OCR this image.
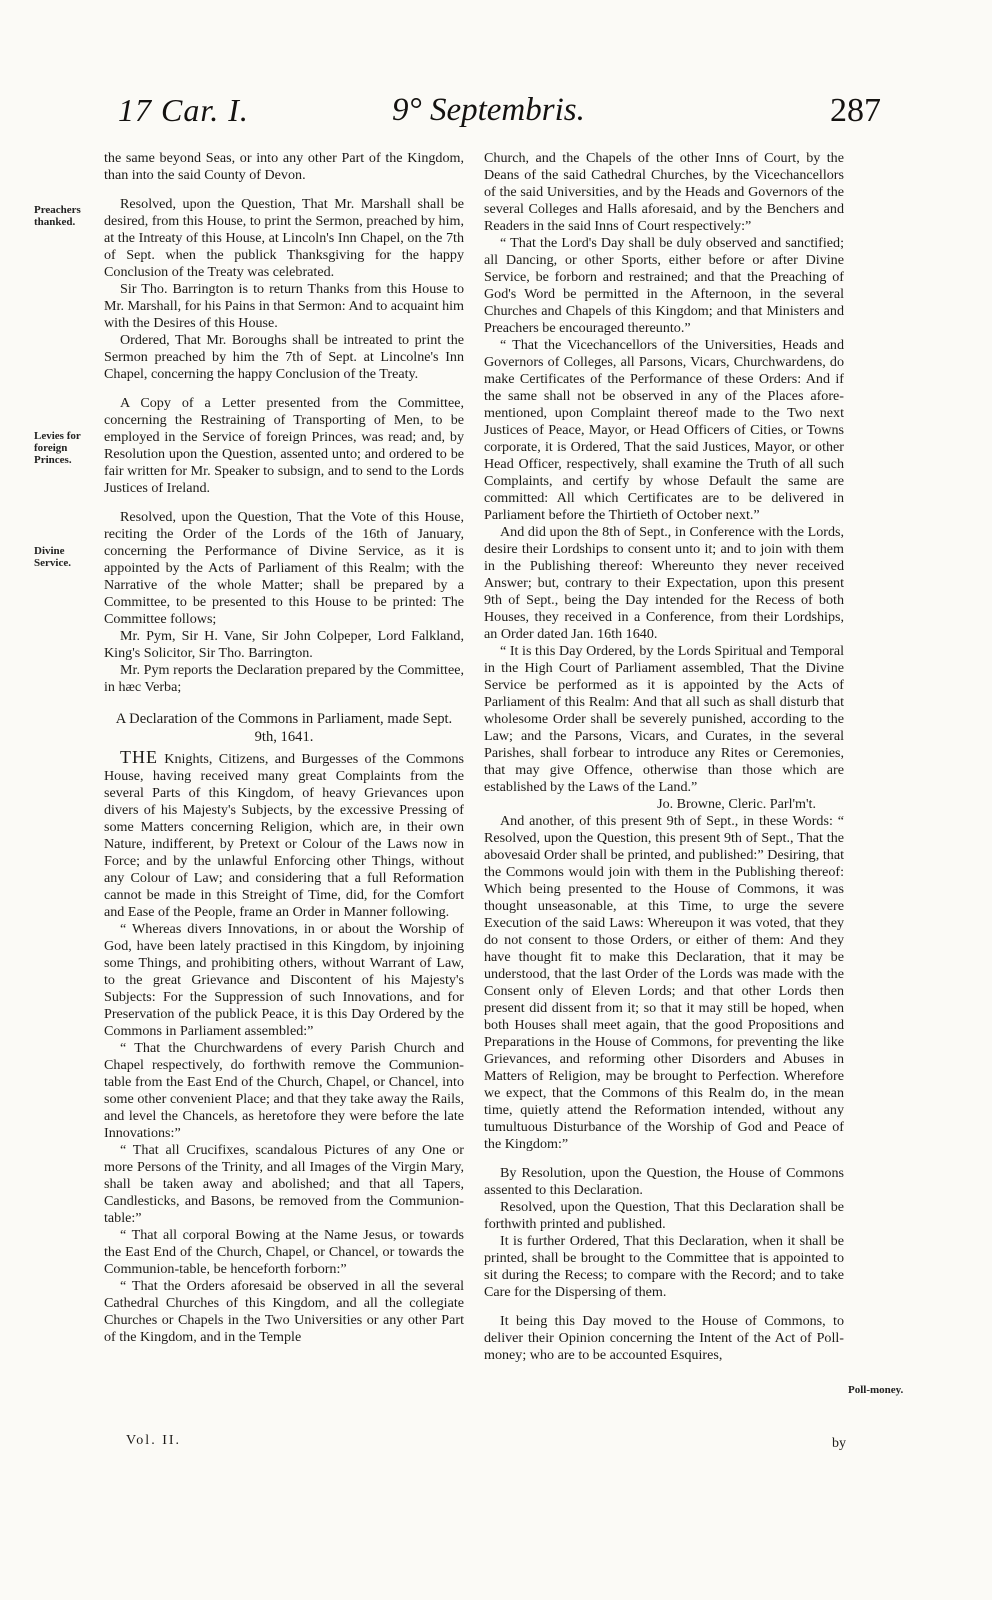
17 Car. I.	9° Septembris.	287
Preachers thanked.
Levies for foreign Princes.
Divine Service.
Poll-money.

the same beyond Seas, or into any other Part of the Kingdom, than into the said County of Devon.

Resolved, upon the Question, That Mr. Marshall shall be desired, from this House, to print the Sermon, preached by him, at the Intreaty of this House, at Lincoln's Inn Chapel, on the 7th of Sept. when the publick Thanksgiving for the happy Conclusion of the Treaty was celebrated.

Sir Tho. Barrington is to return Thanks from this House to Mr. Marshall, for his Pains in that Sermon: And to acquaint him with the Desires of this House.

Ordered, That Mr. Boroughs shall be intreated to print the Sermon preached by him the 7th of Sept. at Lincolne's Inn Chapel, concerning the happy Conclusion of the Treaty.

A Copy of a Letter presented from the Committee, concerning the Restraining of Transporting of Men, to be employed in the Service of foreign Princes, was read; and, by Resolution upon the Question, assented unto; and ordered to be fair written for Mr. Speaker to subsign, and to send to the Lords Justices of Ireland.

Resolved, upon the Question, That the Vote of this House, reciting the Order of the Lords of the 16th of January, concerning the Performance of Divine Service, as it is appointed by the Acts of Parliament of this Realm; with the Narrative of the whole Matter; shall be prepared by a Committee, to be presented to this House to be printed: The Committee follows;

Mr. Pym, Sir H. Vane, Sir John Colpeper, Lord Falkland, King's Solicitor, Sir Tho. Barrington.

Mr. Pym reports the Declaration prepared by the Committee, in hæc Verba;

A Declaration of the Commons in Parliament, made Sept. 9th, 1641.

THE Knights, Citizens, and Burgesses of the Commons House, having received many great Complaints from the several Parts of this Kingdom, of heavy Grievances upon divers of his Majesty's Subjects, by the excessive Pressing of some Matters concerning Religion, which are, in their own Nature, indifferent, by Pretext or Colour of the Laws now in Force; and by the unlawful Enforcing other Things, without any Colour of Law; and considering that a full Reformation cannot be made in this Streight of Time, did, for the Comfort and Ease of the People, frame an Order in Manner following.

“ Whereas divers Innovations, in or about the Worship of God, have been lately practised in this Kingdom, by injoining some Things, and prohibiting others, without Warrant of Law, to the great Grievance and Discontent of his Majesty's Subjects: For the Suppression of such Innovations, and for Preservation of the publick Peace, it is this Day Ordered by the Commons in Parliament assembled:”

“ That the Churchwardens of every Parish Church and Chapel respectively, do forthwith remove the Communion-table from the East End of the Church, Chapel, or Chancel, into some other convenient Place; and that they take away the Rails, and level the Chancels, as heretofore they were before the late Innovations:”

“ That all Crucifixes, scandalous Pictures of any One or more Persons of the Trinity, and all Images of the Virgin Mary, shall be taken away and abolished; and that all Tapers, Candlesticks, and Basons, be removed from the Communion-table:”

“ That all corporal Bowing at the Name Jesus, or towards the East End of the Church, Chapel, or Chancel, or towards the Communion-table, be henceforth forborn:”

“ That the Orders aforesaid be observed in all the several Cathedral Churches of this Kingdom, and all the collegiate Churches or Chapels in the Two Universities or any other Part of the Kingdom, and in the Temple

Church, and the Chapels of the other Inns of Court, by the Deans of the said Cathedral Churches, by the Vicechancellors of the said Universities, and by the Heads and Governors of the several Colleges and Halls aforesaid, and by the Benchers and Readers in the said Inns of Court respectively:”

“ That the Lord's Day shall be duly observed and sanctified; all Dancing, or other Sports, either before or after Divine Service, be forborn and restrained; and that the Preaching of God's Word be permitted in the Afternoon, in the several Churches and Chapels of this Kingdom; and that Ministers and Preachers be encouraged thereunto.”

“ That the Vicechancellors of the Universities, Heads and Governors of Colleges, all Parsons, Vicars, Churchwardens, do make Certificates of the Performance of these Orders: And if the same shall not be observed in any of the Places afore-mentioned, upon Complaint thereof made to the Two next Justices of Peace, Mayor, or Head Officers of Cities, or Towns corporate, it is Ordered, That the said Justices, Mayor, or other Head Officer, respectively, shall examine the Truth of all such Complaints, and certify by whose Default the same are committed: All which Certificates are to be delivered in Parliament before the Thirtieth of October next.”

And did upon the 8th of Sept., in Conference with the Lords, desire their Lordships to consent unto it; and to join with them in the Publishing thereof: Whereunto they never received Answer; but, contrary to their Expectation, upon this present 9th of Sept., being the Day intended for the Recess of both Houses, they received in a Conference, from their Lordships, an Order dated Jan. 16th 1640.

“ It is this Day Ordered, by the Lords Spiritual and Temporal in the High Court of Parliament assembled, That the Divine Service be performed as it is appointed by the Acts of Parliament of this Realm: And that all such as shall disturb that wholesome Order shall be severely punished, according to the Law; and the Parsons, Vicars, and Curates, in the several Parishes, shall forbear to introduce any Rites or Ceremonies, that may give Offence, otherwise than those which are established by the Laws of the Land.”

Jo. Browne, Cleric. Parl'm't.

And another, of this present 9th of Sept., in these Words: “ Resolved, upon the Question, this present 9th of Sept., That the abovesaid Order shall be printed, and published:” Desiring, that the Commons would join with them in the Publishing thereof: Which being presented to the House of Commons, it was thought unseasonable, at this Time, to urge the severe Execution of the said Laws: Whereupon it was voted, that they do not consent to those Orders, or either of them: And they have thought fit to make this Declaration, that it may be understood, that the last Order of the Lords was made with the Consent only of Eleven Lords; and that other Lords then present did dissent from it; so that it may still be hoped, when both Houses shall meet again, that the good Propositions and Preparations in the House of Commons, for preventing the like Grievances, and reforming other Disorders and Abuses in Matters of Religion, may be brought to Perfection. Wherefore we expect, that the Commons of this Realm do, in the mean time, quietly attend the Reformation intended, without any tumultuous Disturbance of the Worship of God and Peace of the Kingdom:”

By Resolution, upon the Question, the House of Commons assented to this Declaration.

Resolved, upon the Question, That this Declaration shall be forthwith printed and published.

It is further Ordered, That this Declaration, when it shall be printed, shall be brought to the Committee that is appointed to sit during the Recess; to compare with the Record; and to take Care for the Dispersing of them.

It being this Day moved to the House of Commons, to deliver their Opinion concerning the Intent of the Act of Poll-money; who are to be accounted Esquires,

Vol. II.	by
